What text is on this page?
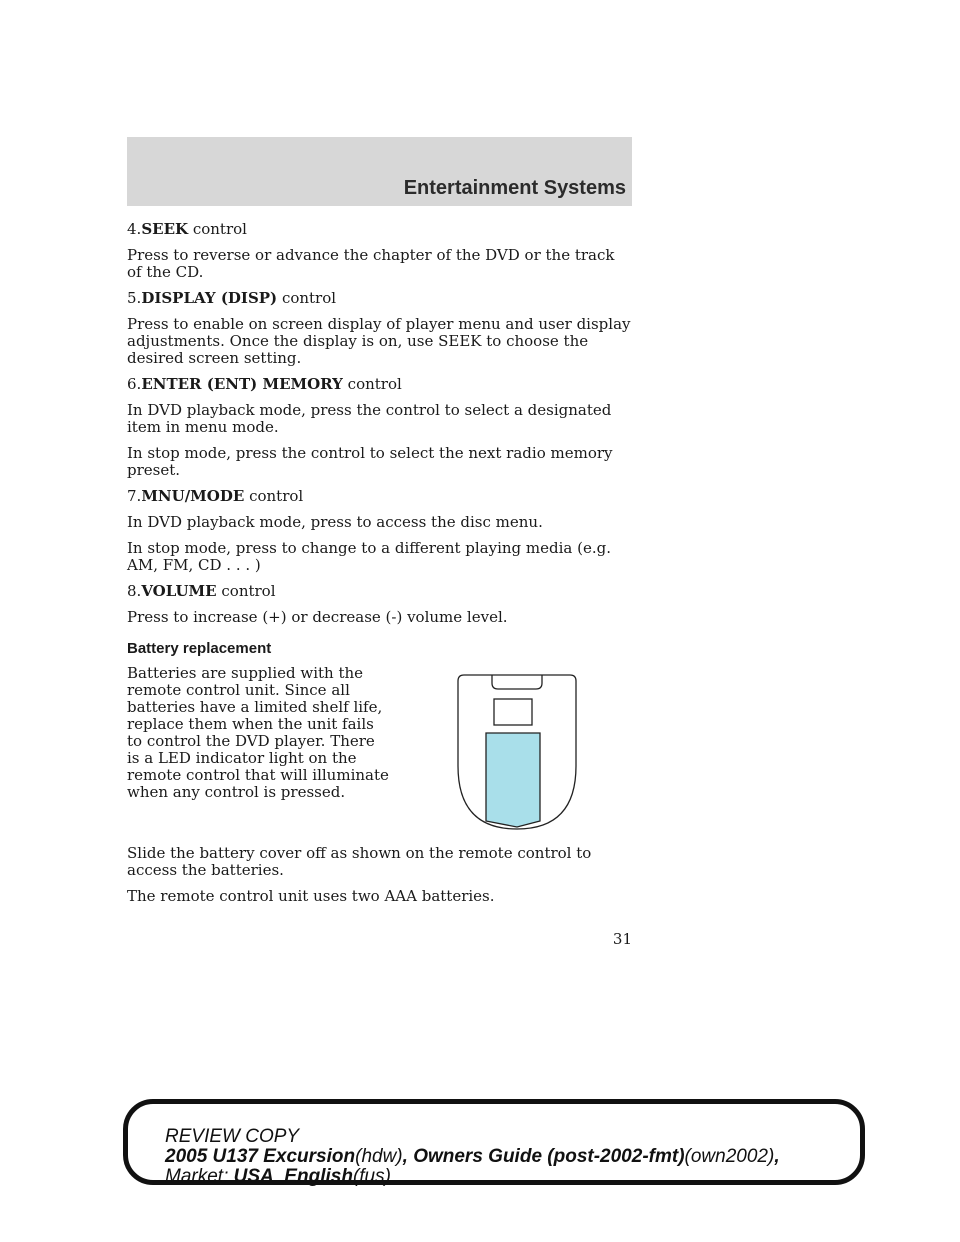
Entertainment Systems
4.SEEK control

Press to reverse or advance the chapter of the DVD or the track of the CD.

5.DISPLAY (DISP) control

Press to enable on screen display of player menu and user display adjustments. Once the display is on, use SEEK to choose the desired screen setting.

6.ENTER (ENT) MEMORY control

In DVD playback mode, press the control to select a designated item in menu mode.

In stop mode, press the control to select the next radio memory preset.

7.MNU/MODE control

In DVD playback mode, press to access the disc menu.

In stop mode, press to change to a different playing media (e.g. AM, FM, CD . . . )

8.VOLUME control

Press to increase (+) or decrease (-) volume level.

Battery replacement
Batteries are supplied with the remote control unit. Since all batteries have a limited shelf life, replace them when the unit fails to control the DVD player. There is a LED indicator light on the remote control that will illuminate when any control is pressed.

Slide the battery cover off as shown on the remote control to access the batteries.

The remote control unit uses two AAA batteries.

31
REVIEW COPY
2005 U137 Excursion(hdw), Owners Guide (post-2002-fmt)(own2002),
Market: USA_English(fus)
